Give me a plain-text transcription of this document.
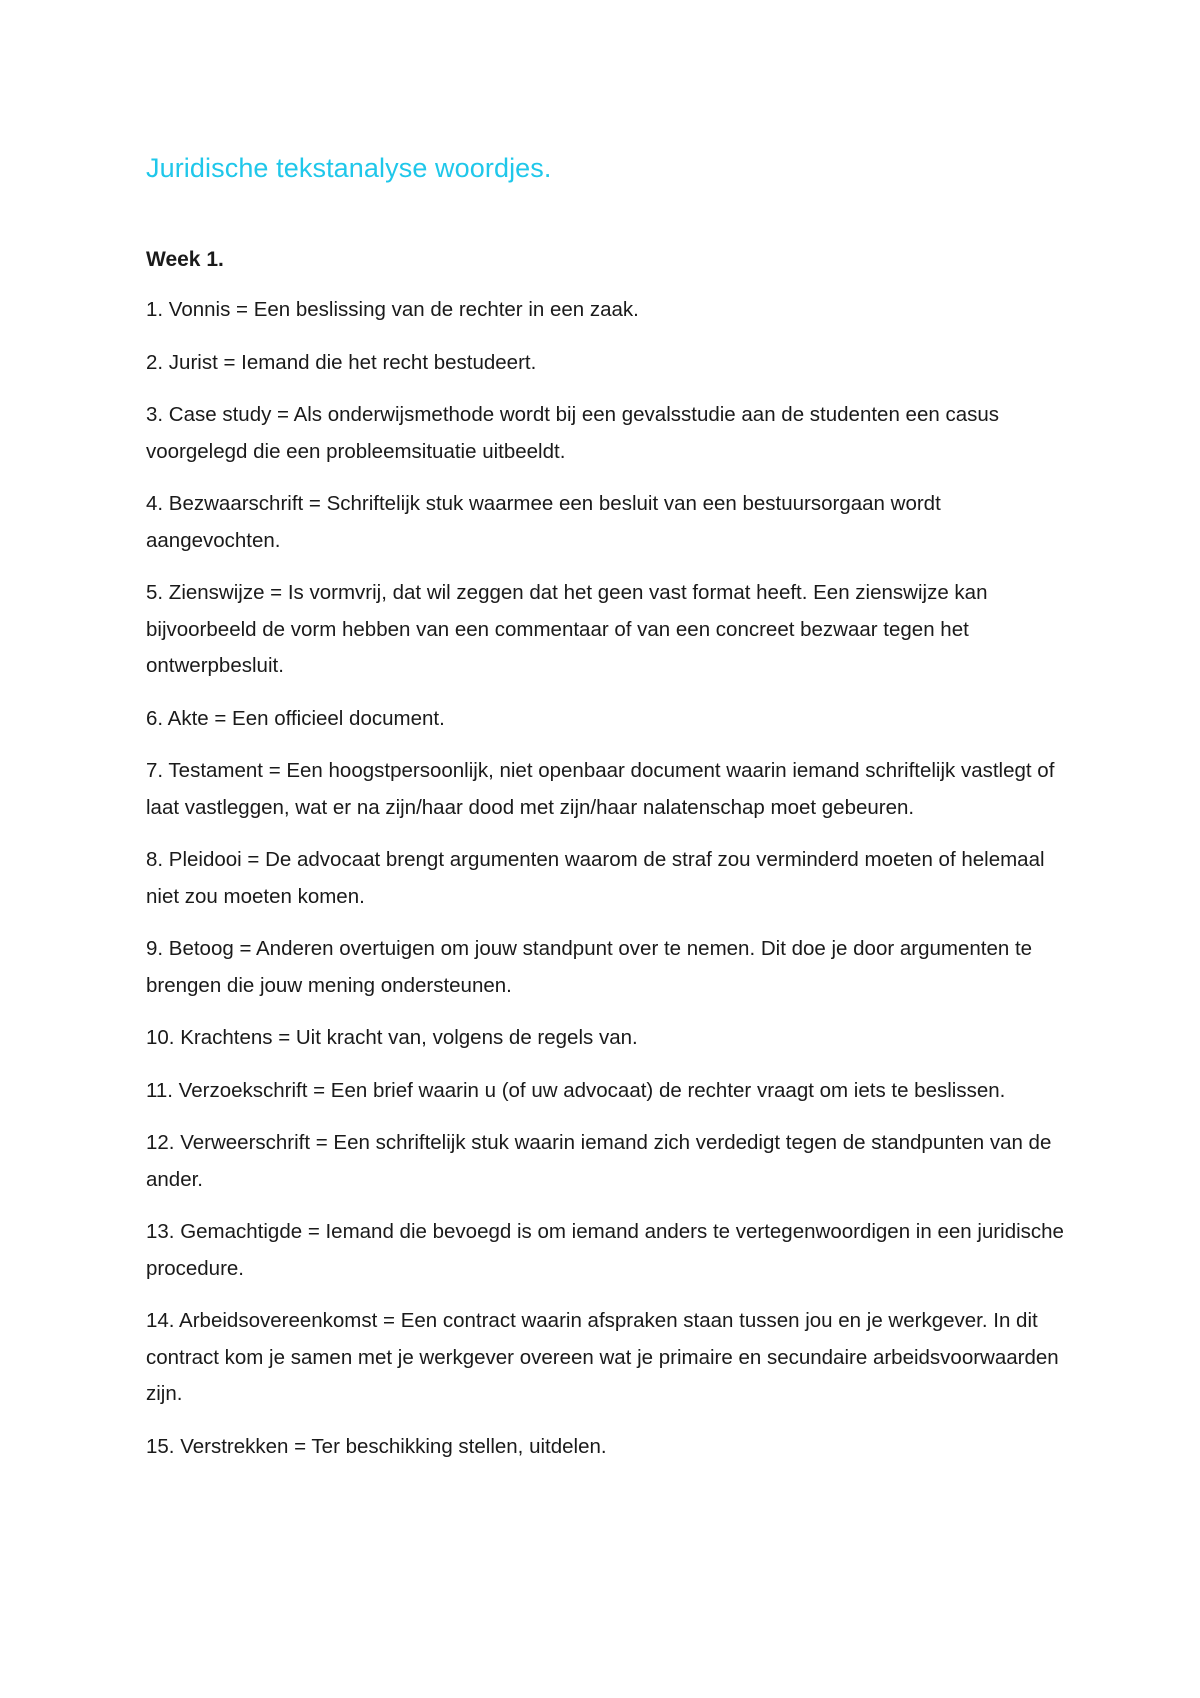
Juridische tekstanalyse woordjes.
Week 1.
1. Vonnis = Een beslissing van de rechter in een zaak.
2. Jurist = Iemand die het recht bestudeert.
3. Case study = Als onderwijsmethode wordt bij een gevalsstudie aan de studenten een casus voorgelegd die een probleemsituatie uitbeeldt.
4. Bezwaarschrift = Schriftelijk stuk waarmee een besluit van een bestuursorgaan wordt aangevochten.
5. Zienswijze = Is vormvrij, dat wil zeggen dat het geen vast format heeft. Een zienswijze kan bijvoorbeeld de vorm hebben van een commentaar of van een concreet bezwaar tegen het ontwerpbesluit.
6. Akte = Een officieel document.
7. Testament = Een hoogstpersoonlijk, niet openbaar document waarin iemand schriftelijk vastlegt of laat vastleggen, wat er na zijn/haar dood met zijn/haar nalatenschap moet gebeuren.
8. Pleidooi = De advocaat brengt argumenten waarom de straf zou verminderd moeten of helemaal niet zou moeten komen.
9. Betoog = Anderen overtuigen om jouw standpunt over te nemen. Dit doe je door argumenten te brengen die jouw mening ondersteunen.
10. Krachtens = Uit kracht van, volgens de regels van.
11. Verzoekschrift = Een brief waarin u (of uw advocaat) de rechter vraagt om iets te beslissen.
12. Verweerschrift = Een schriftelijk stuk waarin iemand zich verdedigt tegen de standpunten van de ander.
13. Gemachtigde = Iemand die bevoegd is om iemand anders te vertegenwoordigen in een juridische procedure.
14. Arbeidsovereenkomst = Een contract waarin afspraken staan tussen jou en je werkgever. In dit contract kom je samen met je werkgever overeen wat je primaire en secundaire arbeidsvoorwaarden zijn.
15. Verstrekken = Ter beschikking stellen, uitdelen.
